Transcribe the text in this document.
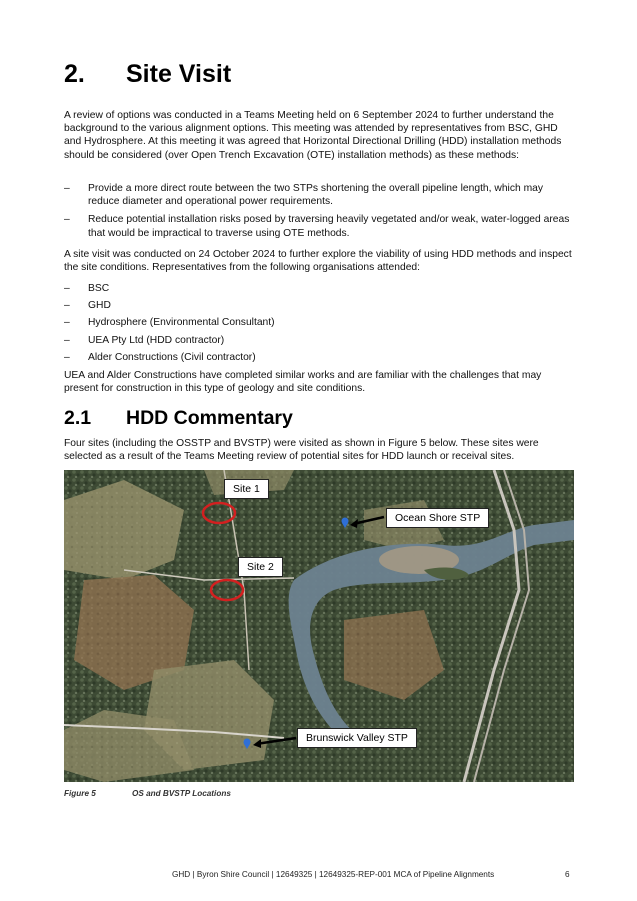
2. Site Visit
A review of options was conducted in a Teams Meeting held on 6 September 2024 to further understand the background to the various alignment options. This meeting was attended by representatives from BSC, GHD and Hydrosphere. At this meeting it was agreed that Horizontal Directional Drilling (HDD) installation methods should be considered (over Open Trench Excavation (OTE) installation methods) as these methods:
– Provide a more direct route between the two STPs shortening the overall pipeline length, which may reduce diameter and operational power requirements.
– Reduce potential installation risks posed by traversing heavily vegetated and/or weak, water-logged areas that would be impractical to traverse using OTE methods.
A site visit was conducted on 24 October 2024 to further explore the viability of using HDD methods and inspect the site conditions. Representatives from the following organisations attended:
– BSC
– GHD
– Hydrosphere (Environmental Consultant)
– UEA Pty Ltd (HDD contractor)
– Alder Constructions (Civil contractor)
UEA and Alder Constructions have completed similar works and are familiar with the challenges that may present for construction in this type of geology and site conditions.
2.1 HDD Commentary
Four sites (including the OSSTP and BVSTP) were visited as shown in Figure 5 below. These sites were selected as a result of the Teams Meeting review of potential sites for HDD launch or receival sites.
Site 1
Site 2
Ocean Shore STP
Brunswick Valley STP
Figure 5	OS and BVSTP Locations
GHD | Byron Shire Council | 12649325 | 12649325-REP-001 MCA of Pipeline Alignments	6
